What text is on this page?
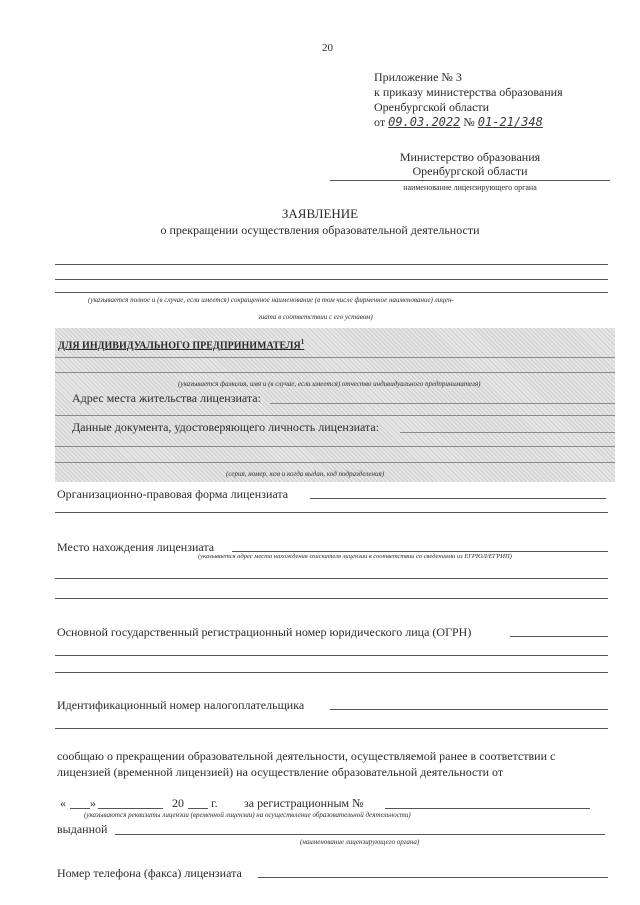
20
Приложение № 3
к приказу министерства образования
Оренбургской области
от 09.03.2022 № 01-21/348
Министерство образования
Оренбургской области
наименование лицензирующего органа
ЗАЯВЛЕНИЕ
о прекращении осуществления образовательной деятельности
(указывается полное и (в случае, если имеется) сокращенное наименование (в том числе фирменное наименование) лицен-
зиата в соответствии с его уставом)
ДЛЯ ИНДИВИДУАЛЬНОГО ПРЕДПРИНИМАТЕЛЯ$^1$
(указывается фамилия, имя и (в случае, если имеется) отчество индивидуального предпринимателя)
Адрес места жительства лицензиата:
Данные документа, удостоверяющего личность лицензиата:
(серия, номер, кем и когда выдан, код подразделения)
Организационно-правовая форма лицензиата
Место нахождения лицензиата
(указывается адрес места нахождения соискателя лицензии в соответствии со сведениями из ЕГРЮЛ/ЕГРИП)
Основной государственный регистрационный номер юридического лица (ОГРН)
Идентификационный номер налогоплательщика
сообщаю о прекращении образовательной деятельности, осуществляемой ранее в соответствии с
лицензией (временной лицензией) на осуществление образовательной деятельности от
« »	20 г. за регистрационным №
(указываются реквизиты лицензии (временной лицензии) на осуществление образовательной деятельности)
выданной
(наименование лицензирующего органа)
Номер телефона (факса) лицензиата
